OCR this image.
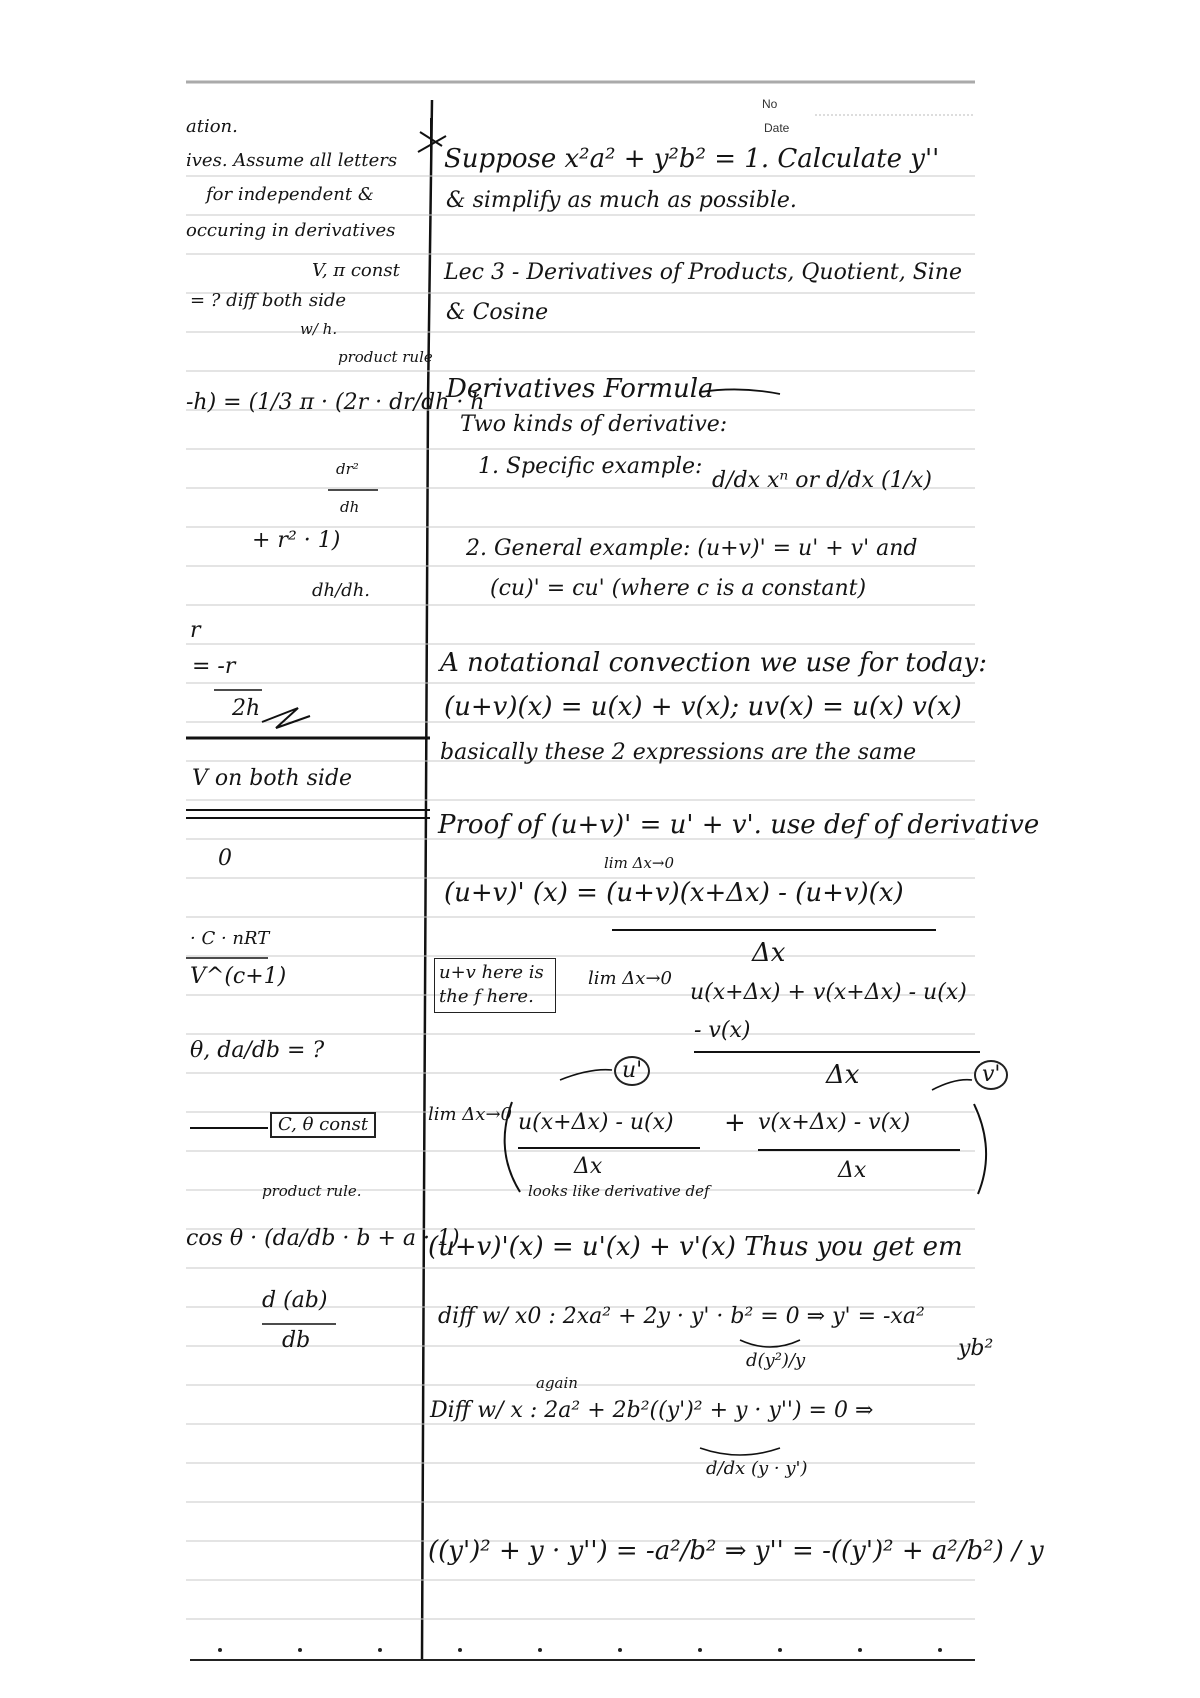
No
Date
ation.
ives. Assume all letters
for independent &
occuring in derivatives
V, π const
= ? diff both side
w/ h.
product rule
-h) = (1/3 π · (2r · dr/dh · h
dr²
dh
+ r² · 1)
dh/dh.
r
= -r
2h
V on both side
0
· C · nRT
V^(c+1)
θ, da/db = ?
C, θ const
product rule.
cos θ · (da/db · b + a · 1)
d (ab)
db
Suppose x²a² + y²b² = 1. Calculate y''
& simplify as much as possible.
Lec 3 - Derivatives of Products, Quotient, Sine
& Cosine
Derivatives Formula
Two kinds of derivative:
1. Specific example:
d/dx xⁿ or d/dx (1/x)
2. General example: (u+v)' = u' + v' and
(cu)' = cu' (where c is a constant)
A notational convection we use for today:
(u+v)(x) = u(x) + v(x); uv(x) = u(x) v(x)
basically these 2 expressions are the same
Proof of (u+v)' = u' + v'. use def of derivative
lim Δx→0
(u+v)' (x) = (u+v)(x+Δx) - (u+v)(x)
Δx
u+v here is
the f here.
lim Δx→0
u(x+Δx) + v(x+Δx) - u(x)
- v(x)
Δx
u'	v'
lim Δx→0 u(x+Δx) - u(x) + v(x+Δx) - v(x)
Δx	Δx
looks like derivative def
(u+v)'(x) = u'(x) + v'(x) Thus you get em
diff w/ x0 : 2xa² + 2y · y' · b² = 0 ⇒ y' = -xa²
yb²
d(y²)/y
again
Diff w/ x : 2a² + 2b²((y')² + y · y'') = 0 ⇒
d/dx (y · y')
((y')² + y · y'') = -a²/b² ⇒ y'' = -((y')² + a²/b²) / y
